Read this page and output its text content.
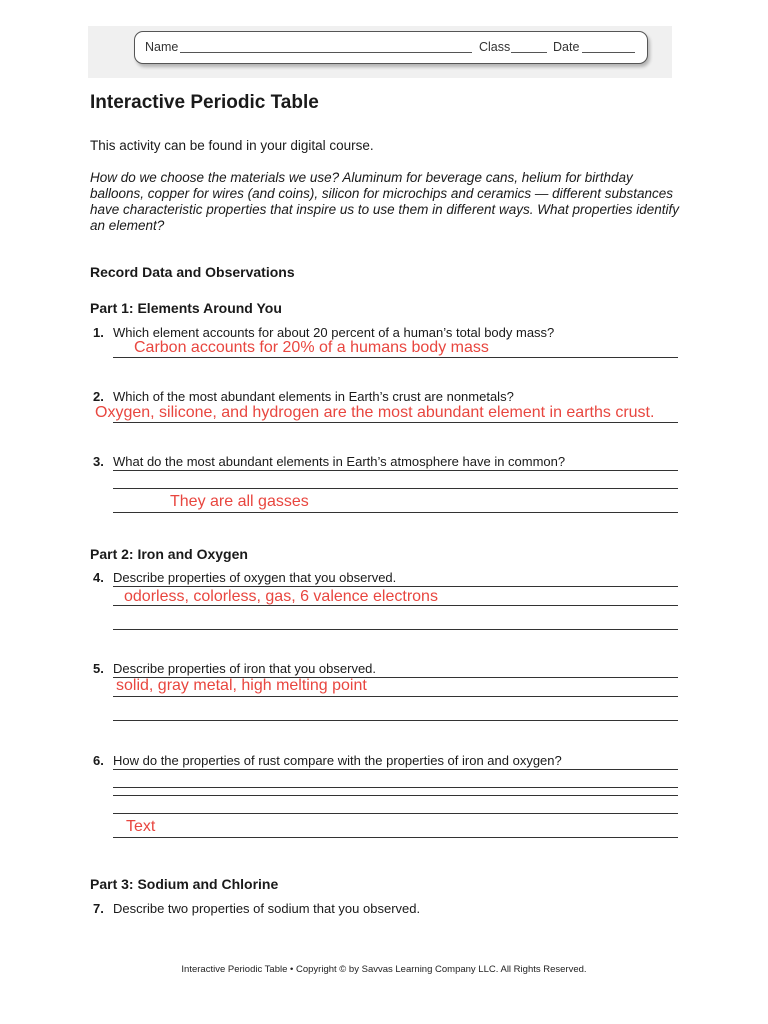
Name	Class	Date
Interactive Periodic Table
This activity can be found in your digital course.
How do we choose the materials we use? Aluminum for beverage cans, helium for birthday balloons, copper for wires (and coins), silicon for microchips and ceramics — different substances have characteristic properties that inspire us to use them in different ways. What properties identify an element?
Record Data and Observations
Part 1: Elements Around You
1. Which element accounts for about 20 percent of a human’s total body mass?
Carbon accounts for 20% of a humans body mass
2. Which of the most abundant elements in Earth’s crust are nonmetals?
Oxygen, silicone, and hydrogen are the most abundant element in earths crust.
3. What do the most abundant elements in Earth’s atmosphere have in common?
They are all gasses
Part 2: Iron and Oxygen
4. Describe properties of oxygen that you observed.
odorless, colorless, gas, 6 valence electrons
5. Describe properties of iron that you observed.
solid, gray metal, high melting point
6. How do the properties of rust compare with the properties of iron and oxygen?
Text
Part 3: Sodium and Chlorine
7. Describe two properties of sodium that you observed.
Interactive Periodic Table • Copyright © by Savvas Learning Company LLC. All Rights Reserved.
